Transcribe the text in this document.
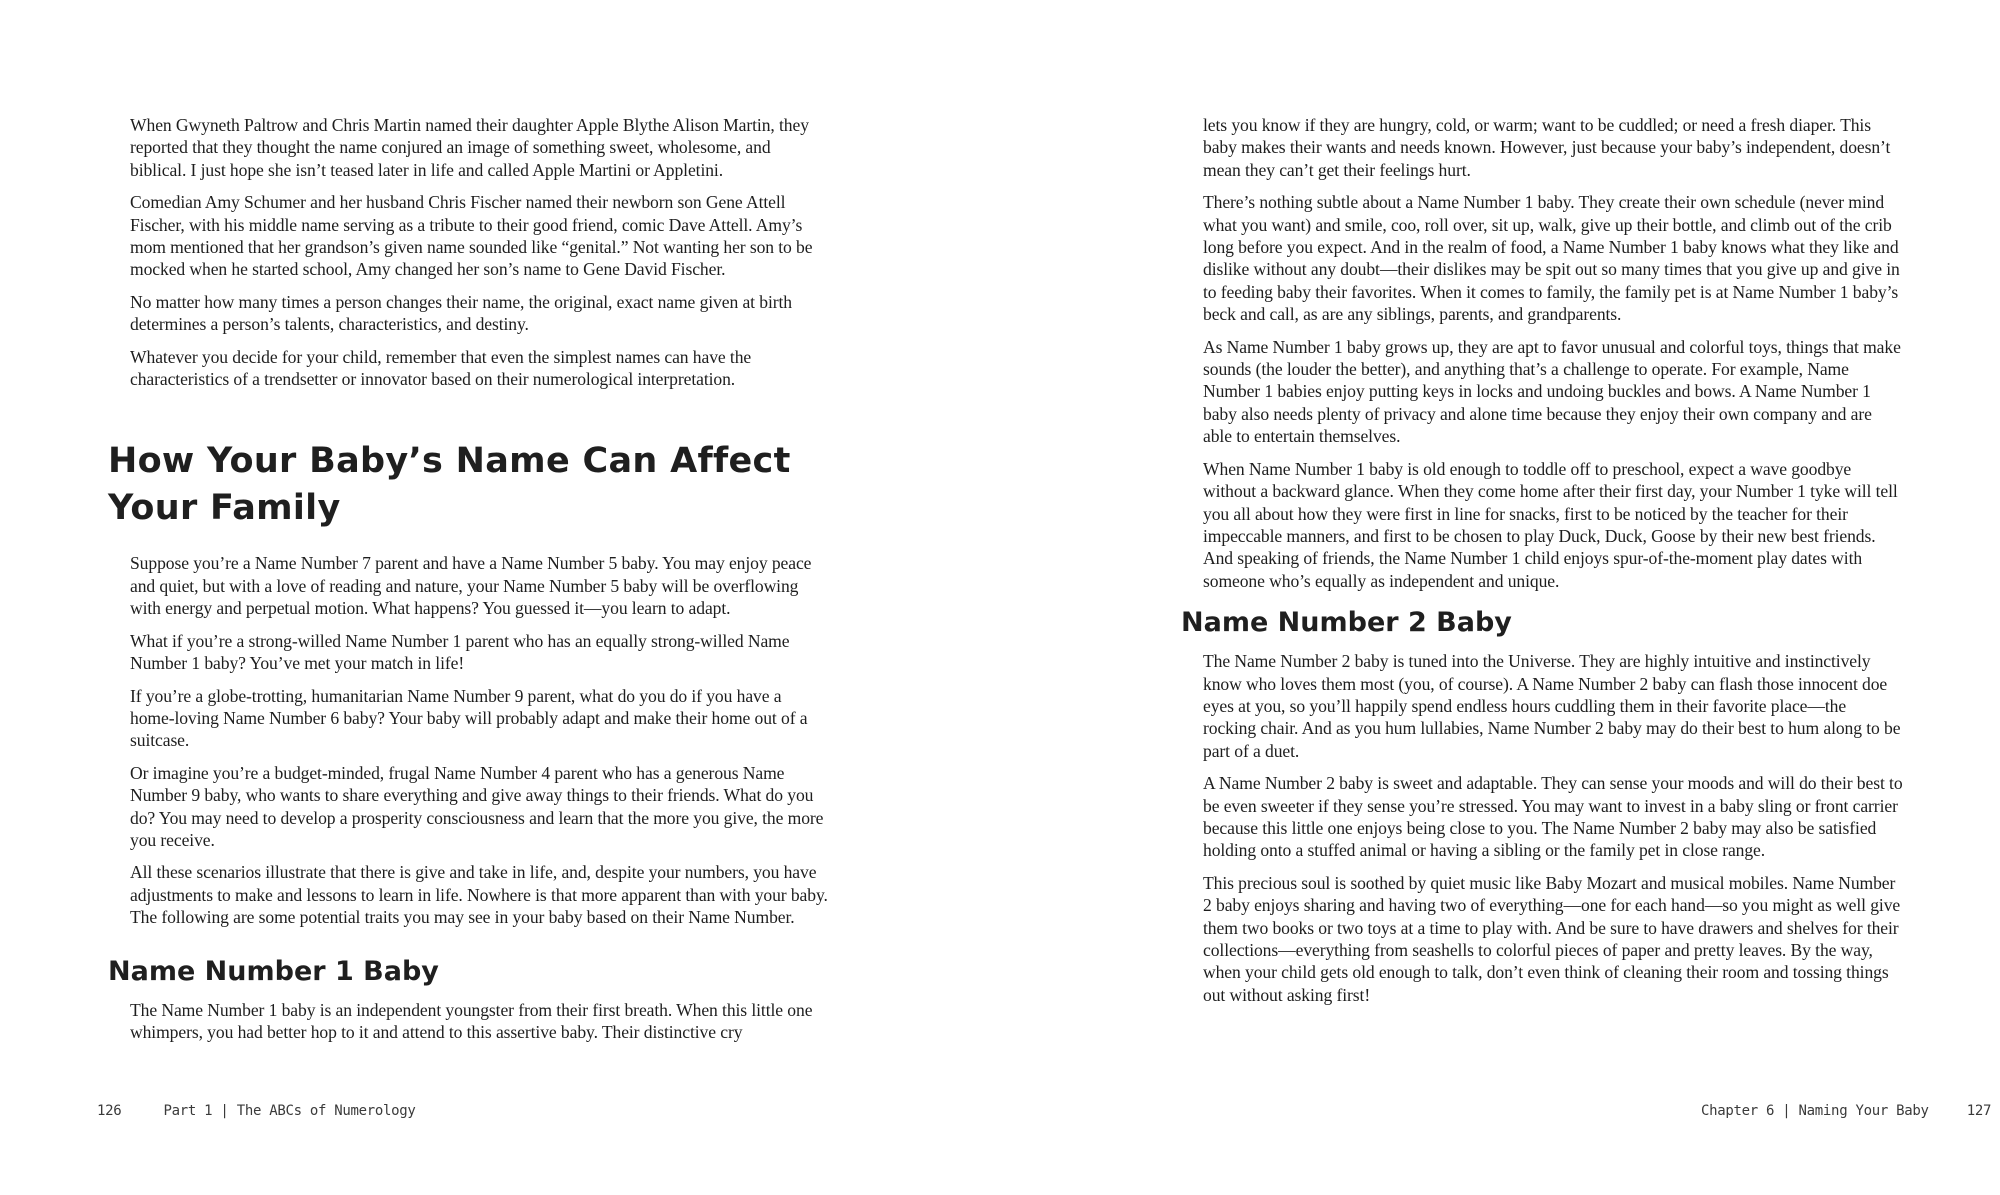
When Gwyneth Paltrow and Chris Martin named their daughter Apple Blythe Alison Martin, they reported that they thought the name conjured an image of something sweet, wholesome, and biblical. I just hope she isn’t teased later in life and called Apple Martini or Appletini.

Comedian Amy Schumer and her husband Chris Fischer named their newborn son Gene Attell Fischer, with his middle name serving as a tribute to their good friend, comic Dave Attell. Amy’s mom mentioned that her grandson’s given name sounded like “genital.” Not wanting her son to be mocked when he started school, Amy changed her son’s name to Gene David Fischer.

No matter how many times a person changes their name, the original, exact name given at birth determines a person’s talents, characteristics, and destiny.

Whatever you decide for your child, remember that even the simplest names can have the characteristics of a trendsetter or innovator based on their numerological interpretation.

How Your Baby’s Name Can Affect Your Family

Suppose you’re a Name Number 7 parent and have a Name Number 5 baby. You may enjoy peace and quiet, but with a love of reading and nature, your Name Number 5 baby will be overflowing with energy and perpetual motion. What happens? You guessed it—you learn to adapt.

What if you’re a strong-willed Name Number 1 parent who has an equally strong-willed Name Number 1 baby? You’ve met your match in life!

If you’re a globe-trotting, humanitarian Name Number 9 parent, what do you do if you have a home-loving Name Number 6 baby? Your baby will probably adapt and make their home out of a suitcase.

Or imagine you’re a budget-minded, frugal Name Number 4 parent who has a generous Name Number 9 baby, who wants to share everything and give away things to their friends. What do you do? You may need to develop a prosperity consciousness and learn that the more you give, the more you receive.

All these scenarios illustrate that there is give and take in life, and, despite your numbers, you have adjustments to make and lessons to learn in life. Nowhere is that more apparent than with your baby. The following are some potential traits you may see in your baby based on their Name Number.

Name Number 1 Baby

The Name Number 1 baby is an independent youngster from their first breath. When this little one whimpers, you had better hop to it and attend to this assertive baby. Their distinctive cry

lets you know if they are hungry, cold, or warm; want to be cuddled; or need a fresh diaper. This baby makes their wants and needs known. However, just because your baby’s independent, doesn’t mean they can’t get their feelings hurt.

There’s nothing subtle about a Name Number 1 baby. They create their own schedule (never mind what you want) and smile, coo, roll over, sit up, walk, give up their bottle, and climb out of the crib long before you expect. And in the realm of food, a Name Number 1 baby knows what they like and dislike without any doubt—their dislikes may be spit out so many times that you give up and give in to feeding baby their favorites. When it comes to family, the family pet is at Name Number 1 baby’s beck and call, as are any siblings, parents, and grandparents.

As Name Number 1 baby grows up, they are apt to favor unusual and colorful toys, things that make sounds (the louder the better), and anything that’s a challenge to operate. For example, Name Number 1 babies enjoy putting keys in locks and undoing buckles and bows. A Name Number 1 baby also needs plenty of privacy and alone time because they enjoy their own company and are able to entertain themselves.

When Name Number 1 baby is old enough to toddle off to preschool, expect a wave goodbye without a backward glance. When they come home after their first day, your Number 1 tyke will tell you all about how they were first in line for snacks, first to be noticed by the teacher for their impeccable manners, and first to be chosen to play Duck, Duck, Goose by their new best friends. And speaking of friends, the Name Number 1 child enjoys spur-of-the-moment play dates with someone who’s equally as independent and unique.

Name Number 2 Baby

The Name Number 2 baby is tuned into the Universe. They are highly intuitive and instinctively know who loves them most (you, of course). A Name Number 2 baby can flash those innocent doe eyes at you, so you’ll happily spend endless hours cuddling them in their favorite place—the rocking chair. And as you hum lullabies, Name Number 2 baby may do their best to hum along to be part of a duet.

A Name Number 2 baby is sweet and adaptable. They can sense your moods and will do their best to be even sweeter if they sense you’re stressed. You may want to invest in a baby sling or front carrier because this little one enjoys being close to you. The Name Number 2 baby may also be satisfied holding onto a stuffed animal or having a sibling or the family pet in close range.

This precious soul is soothed by quiet music like Baby Mozart and musical mobiles. Name Number 2 baby enjoys sharing and having two of everything—one for each hand—so you might as well give them two books or two toys at a time to play with. And be sure to have drawers and shelves for their collections—everything from seashells to colorful pieces of paper and pretty leaves. By the way, when your child gets old enough to talk, don’t even think of cleaning their room and tossing things out without asking first!

126	Part 1 | The ABCs of Numerology	Chapter 6 | Naming Your Baby	127
